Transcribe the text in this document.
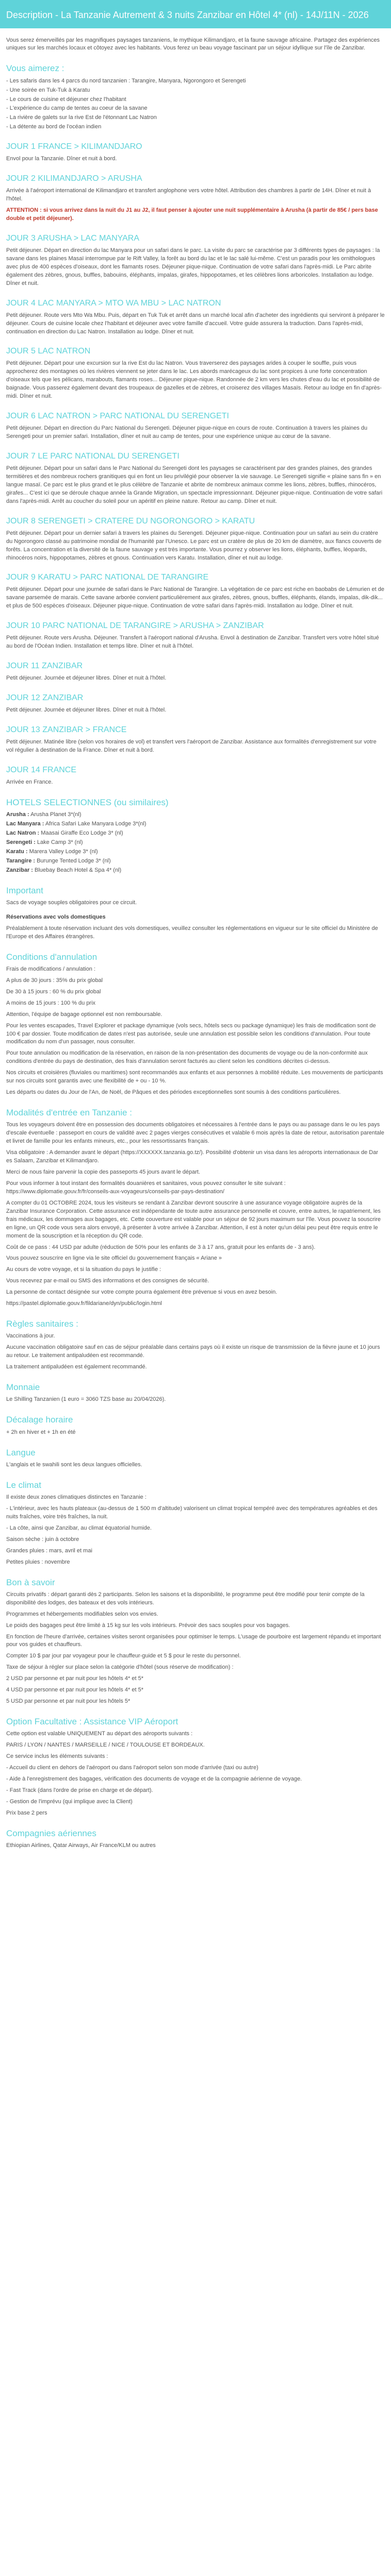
Description - La Tanzanie Autrement & 3 nuits Zanzibar en Hôtel 4* (nl) - 14J/11N - 2026

Vous serez émerveillés par les magnifiques paysages tanzaniens, le mythique Kilimandjaro, et la faune sauvage africaine. Partagez des expériences uniques sur les marchés locaux et côtoyez avec les habitants. Vous ferez un beau voyage fascinant par un séjour idyllique sur l'île de Zanzibar.

Vous aimerez :
- Les safaris dans les 4 parcs du nord tanzanien : Tarangire, Manyara, Ngorongoro et Serengeti
- Une soirée en Tuk-Tuk à Karatu
- Le cours de cuisine et déjeuner chez l'habitant
- L'expérience du camp de tentes au coeur de la savane
- La rivière de galets sur la rive Est de l'étonnant Lac Natron
- La détente au bord de l'océan indien
JOUR 1 FRANCE > KILIMANDJARO

Envol pour la Tanzanie. Dîner et nuit à bord.

JOUR 2 KILIMANDJARO > ARUSHA

Arrivée à l'aéroport international de Kilimandjaro et transfert anglophone vers votre hôtel. Attribution des chambres à partir de 14H. Dîner et nuit à l'hôtel.

ATTENTION : si vous arrivez dans la nuit du J1 au J2, il faut penser à ajouter une nuit supplémentaire à Arusha (à partir de 85€ / pers base double et petit déjeuner).

JOUR 3 ARUSHA > LAC MANYARA

Petit déjeuner. Départ en direction du lac Manyara pour un safari dans le parc. La visite du parc se caractérise par 3 différents types de paysages : la savane dans les plaines Masaï interrompue par le Rift Valley, la forêt au bord du lac et le lac salé lui-même. C'est un paradis pour les ornithologues avec plus de 400 espèces d'oiseaux, dont les flamants roses. Déjeuner pique-nique. Continuation de votre safari dans l'après-midi. Le Parc abrite également des zèbres, gnous, buffles, babouins, éléphants, impalas, girafes, hippopotames, et les célèbres lions arboricoles. Installation au lodge. Dîner et nuit.

JOUR 4 LAC MANYARA > MTO WA MBU > LAC NATRON

Petit déjeuner. Route vers Mto Wa Mbu. Puis, départ en Tuk Tuk et arrêt dans un marché local afin d'acheter des ingrédients qui serviront à préparer le déjeuner. Cours de cuisine locale chez l'habitant et déjeuner avec votre famille d'accueil. Votre guide assurera la traduction. Dans l'après-midi, continuation en direction du Lac Natron. Installation au lodge. Dîner et nuit.

JOUR 5 LAC NATRON

Petit déjeuner. Départ pour une excursion sur la rive Est du lac Natron. Vous traverserez des paysages arides à couper le souffle, puis vous approcherez des montagnes où les rivières viennent se jeter dans le lac. Les abords marécageux du lac sont propices à une forte concentration d'oiseaux tels que les pélicans, marabouts, flamants roses... Déjeuner pique-nique. Randonnée de 2 km vers les chutes d'eau du lac et possibilité de baignade. Vous passerez également devant des troupeaux de gazelles et de zèbres, et croiserez des villages Masaïs. Retour au lodge en fin d'après-midi. Dîner et nuit.

JOUR 6 LAC NATRON > PARC NATIONAL DU SERENGETI

Petit déjeuner. Départ en direction du Parc National du Serengeti. Déjeuner pique-nique en cours de route. Continuation à travers les plaines du Serengeti pour un premier safari. Installation, dîner et nuit au camp de tentes, pour une expérience unique au cœur de la savane.

JOUR 7 LE PARC NATIONAL DU SERENGETI

Petit déjeuner. Départ pour un safari dans le Parc National du Serengeti dont les paysages se caractérisent par des grandes plaines, des grandes termitières et des nombreux rochers granitiques qui en font un lieu privilégié pour observer la vie sauvage. Le Serengeti signifie « plaine sans fin » en langue masaï. Ce parc est le plus grand et le plus célèbre de Tanzanie et abrite de nombreux animaux comme les lions, zèbres, buffles, rhinocéros, girafes... C'est ici que se déroule chaque année la Grande Migration, un spectacle impressionnant. Déjeuner pique-nique. Continuation de votre safari dans l'après-midi. Arrêt au coucher du soleil pour un apéritif en pleine nature. Retour au camp. Dîner et nuit.

JOUR 8 SERENGETI > CRATERE DU NGORONGORO > KARATU

Petit déjeuner. Départ pour un dernier safari à travers les plaines du Serengeti. Déjeuner pique-nique. Continuation pour un safari au sein du cratère du Ngorongoro classé au patrimoine mondial de l'humanité par l'Unesco. Le parc est un cratère de plus de 20 km de diamètre, aux flancs couverts de forêts. La concentration et la diversité de la faune sauvage y est très importante. Vous pourrez y observer les lions, éléphants, buffles, léopards, rhinocéros noirs, hippopotames, zèbres et gnous. Continuation vers Karatu. Installation, dîner et nuit au lodge.

JOUR 9 KARATU > PARC NATIONAL DE TARANGIRE

Petit déjeuner. Départ pour une journée de safari dans le Parc National de Tarangire. La végétation de ce parc est riche en baobabs de Lémurien et de savane parsemée de marais. Cette savane arborée convient particulièrement aux girafes, zèbres, gnous, buffles, éléphants, élands, impalas, dik-dik... et plus de 500 espèces d'oiseaux. Déjeuner pique-nique. Continuation de votre safari dans l'après-midi. Installation au lodge. Dîner et nuit.

JOUR 10 PARC NATIONAL DE TARANGIRE > ARUSHA > ZANZIBAR

Petit déjeuner. Route vers Arusha. Déjeuner. Transfert à l'aéroport national d'Arusha. Envol à destination de Zanzibar. Transfert vers votre hôtel situé au bord de l'Océan Indien. Installation et temps libre. Dîner et nuit à l'hôtel.

JOUR 11 ZANZIBAR

Petit déjeuner. Journée et déjeuner libres. Dîner et nuit à l'hôtel.

JOUR 12 ZANZIBAR

Petit déjeuner. Journée et déjeuner libres. Dîner et nuit à l'hôtel.

JOUR 13 ZANZIBAR > FRANCE

Petit déjeuner. Matinée libre (selon vos horaires de vol) et transfert vers l'aéroport de Zanzibar. Assistance aux formalités d'enregistrement sur votre vol régulier à destination de la France. Dîner et nuit à bord.

JOUR 14 FRANCE

Arrivée en France.

HOTELS SELECTIONNES (ou similaires)
Arusha : Arusha Planet 3*(nl)
Lac Manyara : Africa Safari Lake Manyara Lodge 3*(nl)
Lac Natron : Maasai Giraffe Eco Lodge 3* (nl)
Serengeti : Lake Camp 3* (nl)
Karatu : Marera Valley Lodge 3* (nl)
Tarangire : Burunge Tented Lodge 3* (nl)
Zanzibar : Bluebay Beach Hotel & Spa 4* (nl)
Important

Sacs de voyage souples obligatoires pour ce circuit.

Réservations avec vols domestiques

Préalablement à toute réservation incluant des vols domestiques, veuillez consulter les réglementations en vigueur sur le site officiel du Ministère de l'Europe et des Affaires étrangères.

Conditions d'annulation

Frais de modifications / annulation :

A plus de 30 jours : 35% du prix global

De 30 à 15 jours : 60 % du prix global

A moins de 15 jours : 100 % du prix

Attention, l'équipe de bagage optionnel est non remboursable.

Pour les ventes escapades, Travel Explorer et package dynamique (vols secs, hôtels secs ou package dynamique) les frais de modification sont de 100 € par dossier. Toute modification de dates n'est pas autorisée, seule une annulation est possible selon les conditions d'annulation. Pour toute modification du nom d'un passager, nous consulter.

Pour toute annulation ou modification de la réservation, en raison de la non-présentation des documents de voyage ou de la non-conformité aux conditions d'entrée du pays de destination, des frais d'annulation seront facturés au client selon les conditions décrites ci-dessus.

Nos circuits et croisières (fluviales ou maritimes) sont recommandés aux enfants et aux personnes à mobilité réduite. Les mouvements de participants sur nos circuits sont garantis avec une flexibilité de + ou - 10 %.

Les départs ou dates du Jour de l'An, de Noël, de Pâques et des périodes exceptionnelles sont soumis à des conditions particulières.

Modalités d'entrée en Tanzanie :

Tous les voyageurs doivent être en possession des documents obligatoires et nécessaires à l'entrée dans le pays ou au passage dans le ou les pays d'escale éventuelle : passeport en cours de validité avec 2 pages vierges consécutives et valable 6 mois après la date de retour, autorisation parentale et livret de famille pour les enfants mineurs, etc., pour les ressortissants français.

Visa obligatoire : A demander avant le départ (https://XXXXXX.tanzania.go.tz/). Possibilité d'obtenir un visa dans les aéroports internationaux de Dar es Salaam, Zanzibar et Kilimandjaro.

Merci de nous faire parvenir la copie des passeports 45 jours avant le départ.

Pour vous informer à tout instant des formalités douanières et sanitaires, vous pouvez consulter le site suivant : https://www.diplomatie.gouv.fr/fr/conseils-aux-voyageurs/conseils-par-pays-destination/

A compter du 01 OCTOBRE 2024, tous les visiteurs se rendant à Zanzibar devront souscrire à une assurance voyage obligatoire auprès de la Zanzibar Insurance Corporation. Cette assurance est indépendante de toute autre assurance personnelle et couvre, entre autres, le rapatriement, les frais médicaux, les dommages aux bagages, etc. Cette couverture est valable pour un séjour de 92 jours maximum sur l'île. Vous pouvez la souscrire en ligne, un QR code vous sera alors envoyé, à présenter à votre arrivée à Zanzibar. Attention, il est à noter qu'un délai peu peut être requis entre le moment de la souscription et la réception du QR code.

Coût de ce pass : 44 USD par adulte (réduction de 50% pour les enfants de 3 à 17 ans, gratuit pour les enfants de - 3 ans).

Vous pouvez souscrire en ligne via le site officiel du gouvernement français « Ariane »

Au cours de votre voyage, et si la situation du pays le justifie :

Vous recevrez par e-mail ou SMS des informations et des consignes de sécurité.

La personne de contact désignée sur votre compte pourra également être prévenue si vous en avez besoin.

https://pastel.diplomatie.gouv.fr/fildariane/dyn/public/login.html

Règles sanitaires :

Vaccinations à jour.

Aucune vaccination obligatoire sauf en cas de séjour préalable dans certains pays où il existe un risque de transmission de la fièvre jaune et 10 jours au retour. Le traitement antipaludéen est recommandé.

La traitement antipaludéen est également recommandé.

Monnaie

Le Shilling Tanzanien (1 euro = 3060 TZS base au 20/04/2026).

Décalage horaire

+ 2h en hiver et + 1h en été

Langue

L'anglais et le swahili sont les deux langues officielles.

Le climat

Il existe deux zones climatiques distinctes en Tanzanie :

- L'intérieur, avec les hauts plateaux (au-dessus de 1 500 m d'altitude) valorisent un climat tropical tempéré avec des températures agréables et des nuits fraîches, voire très fraîches, la nuit.

- La côte, ainsi que Zanzibar, au climat équatorial humide.

Saison sèche : juin à octobre

Grandes pluies : mars, avril et mai

Petites pluies : novembre

Bon à savoir

Circuits privatifs : départ garanti dès 2 participants. Selon les saisons et la disponibilité, le programme peut être modifié pour tenir compte de la disponibilité des lodges, des bateaux et des vols intérieurs.

Programmes et hébergements modifiables selon vos envies.

Le poids des bagages peut être limité à 15 kg sur les vols intérieurs. Prévoir des sacs souples pour vos bagages.

En fonction de l'heure d'arrivée, certaines visites seront organisées pour optimiser le temps. L'usage de pourboire est largement répandu et important pour vos guides et chauffeurs.

Compter 10 $ par jour par voyageur pour le chauffeur-guide et 5 $ pour le reste du personnel.

Taxe de séjour à régler sur place selon la catégorie d'hôtel (sous réserve de modification) :

2 USD par personne et par nuit pour les hôtels 4* et 5*

4 USD par personne et par nuit pour les hôtels 4* et 5*

5 USD par personne et par nuit pour les hôtels 5*

Option Facultative : Assistance VIP Aéroport

Cette option est valable UNIQUEMENT au départ des aéroports suivants :

PARIS / LYON / NANTES / MARSEILLE / NICE / TOULOUSE ET BORDEAUX.

Ce service inclus les éléments suivants :

- Accueil du client en dehors de l'aéroport ou dans l'aéroport selon son mode d'arrivée (taxi ou autre)

- Aide à l'enregistrement des bagages, vérification des documents de voyage et de la compagnie aérienne de voyage.

- Fast Track (dans l'ordre de prise en charge et de départ).

- Gestion de l'imprévu (qui implique avec la Client)

Prix base 2 pers

Compagnies aériennes

Ethiopian Airlines, Qatar Airways, Air France/KLM ou autres
